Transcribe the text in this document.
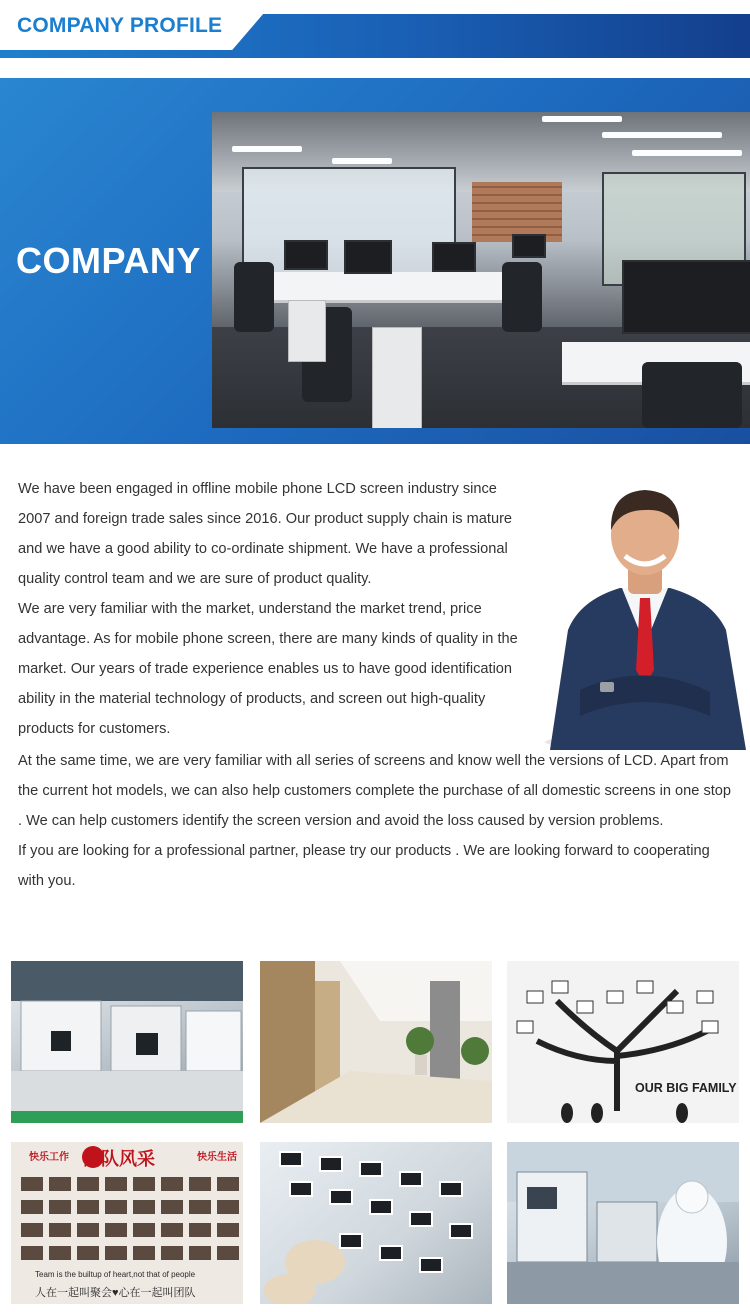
COMPANY PROFILE
COMPANY

We have been engaged in offline mobile phone LCD screen industry since 2007 and foreign trade sales since 2016. Our product supply chain is mature and we have a good ability to co-ordinate shipment. We have a professional quality control team and we are sure of product quality.

We are very familiar with the market, understand the market trend, price advantage. As for mobile phone screen, there are many kinds of quality in the market. Our years of trade experience enables us to have good identification ability in the material technology of products, and screen out high-quality products for customers.

At the same time, we are very familiar with all series of screens and know well the versions of LCD. Apart from the current hot models, we can also help customers complete the purchase of all domestic screens in one stop . We can help customers identify the screen version and avoid the loss caused by version problems.

If you are looking for a professional partner, please try our products . We are looking forward to cooperating with you.

OUR BIG FAMILY
快乐工作 团队风采	快乐生活
Team is the builtup of heart,not that of people
人在一起叫聚会♥心在一起叫团队
